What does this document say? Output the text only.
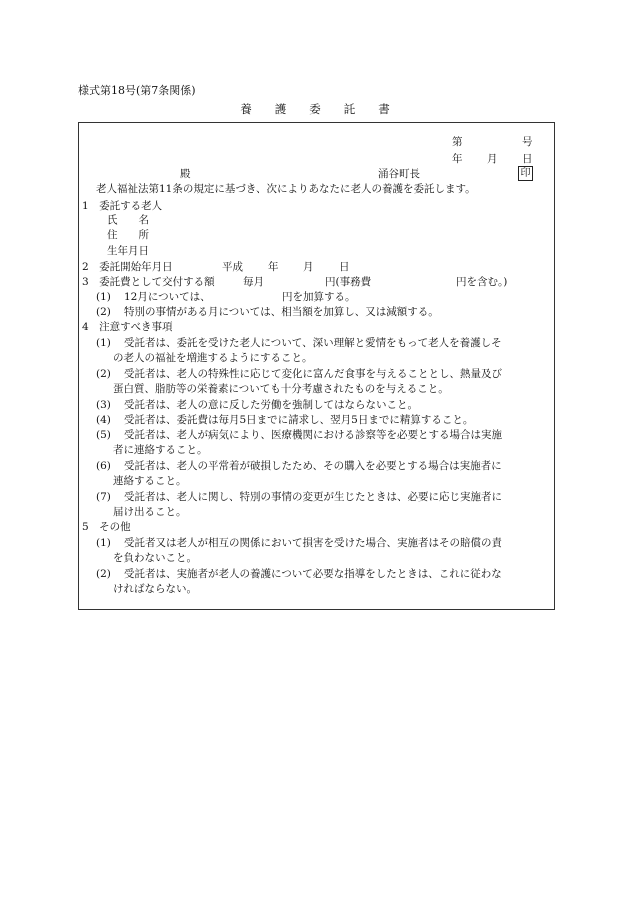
様式第18号(第7条関係)
養　　護　　委　　託　　書
第	号
年 月 日
殿	涌谷町長	印
老人福祉法第11条の規定に基づき、次によりあなたに老人の養護を委託します。
1　委託する老人
氏　　名
住　　所
生年月日
2　委託開始年月日	平成 年 月 日
3　委託費として交付する額	毎月	円(事務費	円を含む。)
(1) 12月については、	円を加算する。
(2) 特別の事情がある月については、相当額を加算し、又は減額する。
4　注意すべき事項
(1) 受託者は、委託を受けた老人について、深い理解と愛情をもって老人を養護しそ
の老人の福祉を増進するようにすること。
(2) 受託者は、老人の特殊性に応じて変化に富んだ食事を与えることとし、熱量及び
蛋白質、脂肪等の栄養素についても十分考慮されたものを与えること。
(3) 受託者は、老人の意に反した労働を強制してはならないこと。
(4) 受託者は、委託費は毎月5日までに請求し、翌月5日までに精算すること。
(5) 受託者は、老人が病気により、医療機関における診察等を必要とする場合は実施
者に連絡すること。
(6) 受託者は、老人の平常着が破損したため、その購入を必要とする場合は実施者に
連絡すること。
(7) 受託者は、老人に関し、特別の事情の変更が生じたときは、必要に応じ実施者に
届け出ること。
5　その他
(1) 受託者又は老人が相互の関係において損害を受けた場合、実施者はその賠償の責
を負わないこと。
(2) 受託者は、実施者が老人の養護について必要な指導をしたときは、これに従わな
ければならない。
